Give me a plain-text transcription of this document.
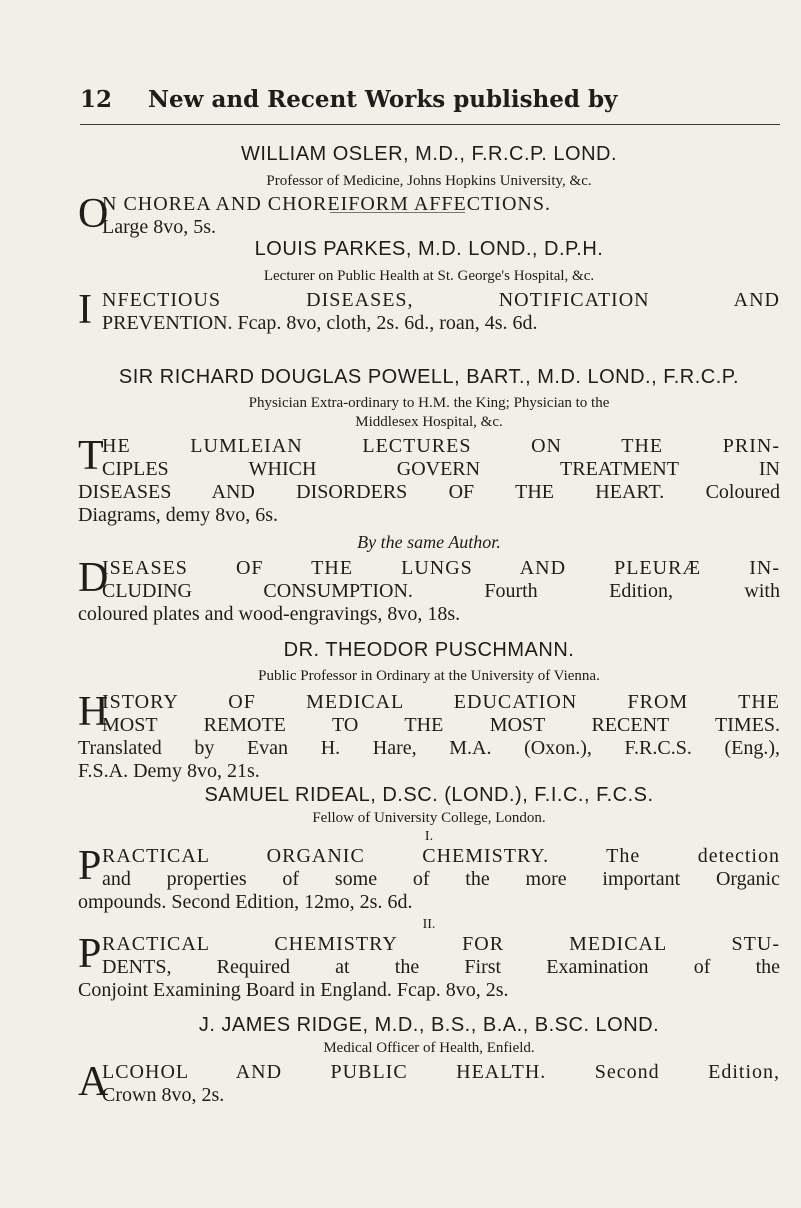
12 New and Recent Works published by

WILLIAM OSLER, M.D., F.R.C.P. LOND.

Professor of Medicine, Johns Hopkins University, &c.

O
N CHOREA AND CHOREIFORM AFFECTIONS.
Large 8vo, 5s.

LOUIS PARKES, M.D. LOND., D.P.H.

Lecturer on Public Health at St. George's Hospital, &c.

I NFECTIOUS DISEASES, NOTIFICATION AND
PREVENTION. Fcap. 8vo, cloth, 2s. 6d., roan, 4s. 6d.

SIR RICHARD DOUGLAS POWELL, BART., M.D. LOND., F.R.C.P.

Physician Extra-ordinary to H.M. the King; Physician to the

Middlesex Hospital, &c.

T
HE LUMLEIAN LECTURES ON THE PRIN-
CIPLES WHICH GOVERN TREATMENT IN
DISEASES AND DISORDERS OF THE HEART. Coloured
Diagrams, demy 8vo, 6s.

By the same Author.

D
ISEASES OF THE LUNGS AND PLEURÆ IN-
CLUDING CONSUMPTION. Fourth Edition, with
coloured plates and wood-engravings, 8vo, 18s.

DR. THEODOR PUSCHMANN.

Public Professor in Ordinary at the University of Vienna.

H
ISTORY OF MEDICAL EDUCATION FROM THE
MOST REMOTE TO THE MOST RECENT TIMES.
Translated by Evan H. Hare, M.A. (Oxon.), F.R.C.S. (Eng.),
F.S.A. Demy 8vo, 21s.

SAMUEL RIDEAL, D.SC. (LOND.), F.I.C., F.C.S.

Fellow of University College, London.

I.

P RACTICAL ORGANIC CHEMISTRY. The detection
and properties of some of the more important Organic
ompounds. Second Edition, 12mo, 2s. 6d.

II.

P RACTICAL CHEMISTRY FOR MEDICAL STU-
DENTS, Required at the First Examination of the
Conjoint Examining Board in England. Fcap. 8vo, 2s.

J. JAMES RIDGE, M.D., B.S., B.A., B.SC. LOND.

Medical Officer of Health, Enfield.

A
LCOHOL AND PUBLIC HEALTH. Second Edition,
Crown 8vo, 2s.
